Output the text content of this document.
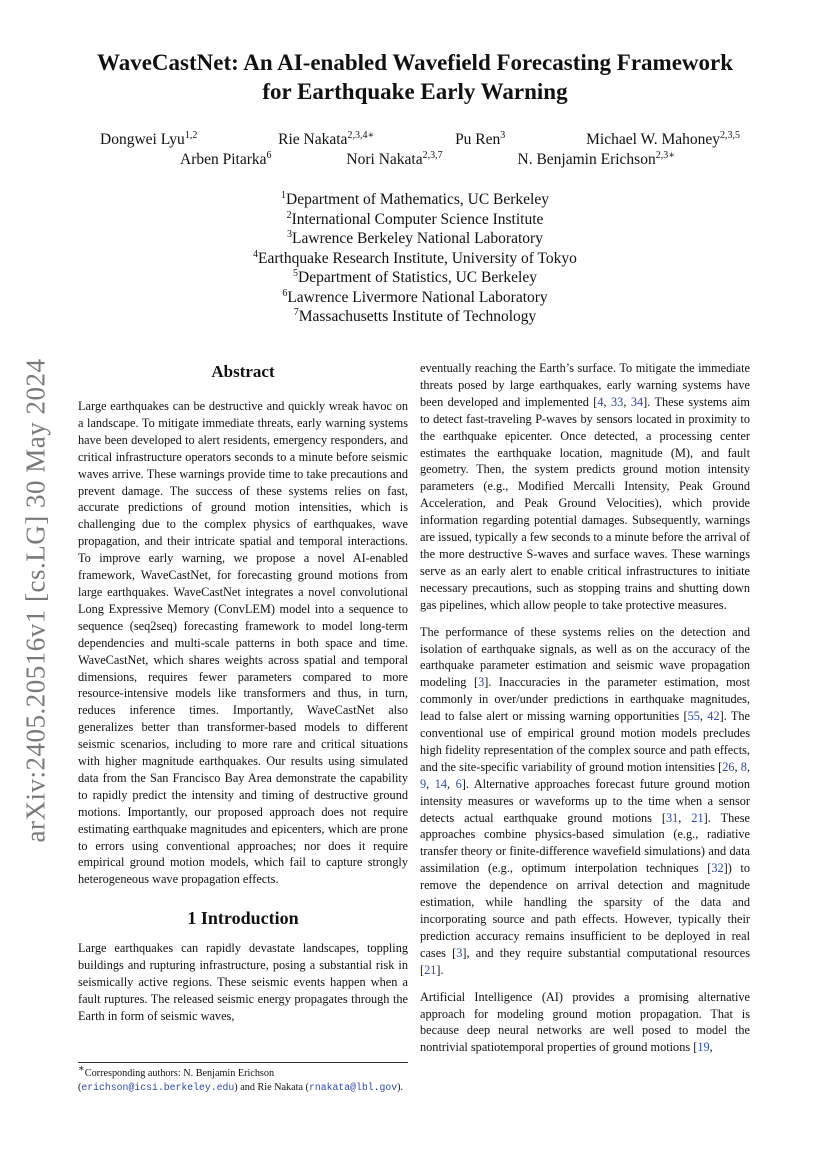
arXiv:2405.20516v1 [cs.LG] 30 May 2024
WaveCastNet: An AI-enabled Wavefield Forecasting Framework
for Earthquake Early Warning
Dongwei Lyu$^{1,2}$	Rie Nakata$^{2,3,4∗}$	Pu Ren$^3$	Michael W. Mahoney$^{2,3,5}$
Arben Pitarka$^6$	Nori Nakata$^{2,3,7}$	N. Benjamin Erichson$^{2,3∗}$
$^1$Department of Mathematics, UC Berkeley
$^2$International Computer Science Institute
$^3$Lawrence Berkeley National Laboratory
$^4$Earthquake Research Institute, University of Tokyo
$^5$Department of Statistics, UC Berkeley
$^6$Lawrence Livermore National Laboratory
$^7$Massachusetts Institute of Technology
Abstract

Large earthquakes can be destructive and quickly wreak havoc on a landscape. To mitigate immediate threats, early warning systems have been developed to alert residents, emergency responders, and critical infrastructure operators seconds to a minute before seismic waves arrive. These warnings provide time to take precautions and prevent damage. The success of these systems relies on fast, accurate predictions of ground motion intensities, which is challenging due to the complex physics of earthquakes, wave propagation, and their intricate spatial and temporal interactions. To improve early warning, we propose a novel AI-enabled framework, WaveCastNet, for forecasting ground motions from large earthquakes. WaveCastNet integrates a novel convolutional Long Expressive Memory (ConvLEM) model into a sequence to sequence (seq2seq) forecasting framework to model long-term dependencies and multi-scale patterns in both space and time. WaveCastNet, which shares weights across spatial and temporal dimensions, requires fewer parameters compared to more resource-intensive models like transformers and thus, in turn, reduces inference times. Importantly, WaveCastNet also generalizes better than transformer-based models to different seismic scenarios, including to more rare and critical situations with higher magnitude earthquakes. Our results using simulated data from the San Francisco Bay Area demonstrate the capability to rapidly predict the intensity and timing of destructive ground motions. Importantly, our proposed approach does not require estimating earthquake magnitudes and epicenters, which are prone to errors using conventional approaches; nor does it require empirical ground motion models, which fail to capture strongly heterogeneous wave propagation effects.

1 Introduction

Large earthquakes can rapidly devastate landscapes, toppling buildings and rupturing infrastructure, posing a substantial risk in seismically active regions. These seismic events happen when a fault ruptures. The released seismic energy propagates through the Earth in form of seismic waves,

eventually reaching the Earth’s surface. To mitigate the immediate threats posed by large earthquakes, early warning systems have been developed and implemented [4, 33, 34]. These systems aim to detect fast-traveling P-waves by sensors located in proximity to the earthquake epicenter. Once detected, a processing center estimates the earthquake location, magnitude (M), and fault geometry. Then, the system predicts ground motion intensity parameters (e.g., Modified Mercalli Intensity, Peak Ground Acceleration, and Peak Ground Velocities), which provide information regarding potential damages. Subsequently, warnings are issued, typically a few seconds to a minute before the arrival of the more destructive S-waves and surface waves. These warnings serve as an early alert to enable critical infrastructures to initiate necessary precautions, such as stopping trains and shutting down gas pipelines, which allow people to take protective measures.

The performance of these systems relies on the detection and isolation of earthquake signals, as well as on the accuracy of the earthquake parameter estimation and seismic wave propagation modeling [3]. Inaccuracies in the parameter estimation, most commonly in over/under predictions in earthquake magnitudes, lead to false alert or missing warning opportunities [55, 42]. The conventional use of empirical ground motion models precludes high fidelity representation of the complex source and path effects, and the site-specific variability of ground motion intensities [26, 8, 9, 14, 6]. Alternative approaches forecast future ground motion intensity measures or waveforms up to the time when a sensor detects actual earthquake ground motions [31, 21]. These approaches combine physics-based simulation (e.g., radiative transfer theory or finite-difference wavefield simulations) and data assimilation (e.g., optimum interpolation techniques [32]) to remove the dependence on arrival detection and magnitude estimation, while handling the sparsity of the data and incorporating source and path effects. However, typically their prediction accuracy remains insufficient to be deployed in real cases [3], and they require substantial computational resources [21].

Artificial Intelligence (AI) provides a promising alternative approach for modeling ground motion propagation. That is because deep neural networks are well posed to model the nontrivial spatiotemporal properties of ground motions [19,

∗Corresponding authors: N. Benjamin Erichson (erichson@icsi.berkeley.edu) and Rie Nakata (rnakata@lbl.gov).
